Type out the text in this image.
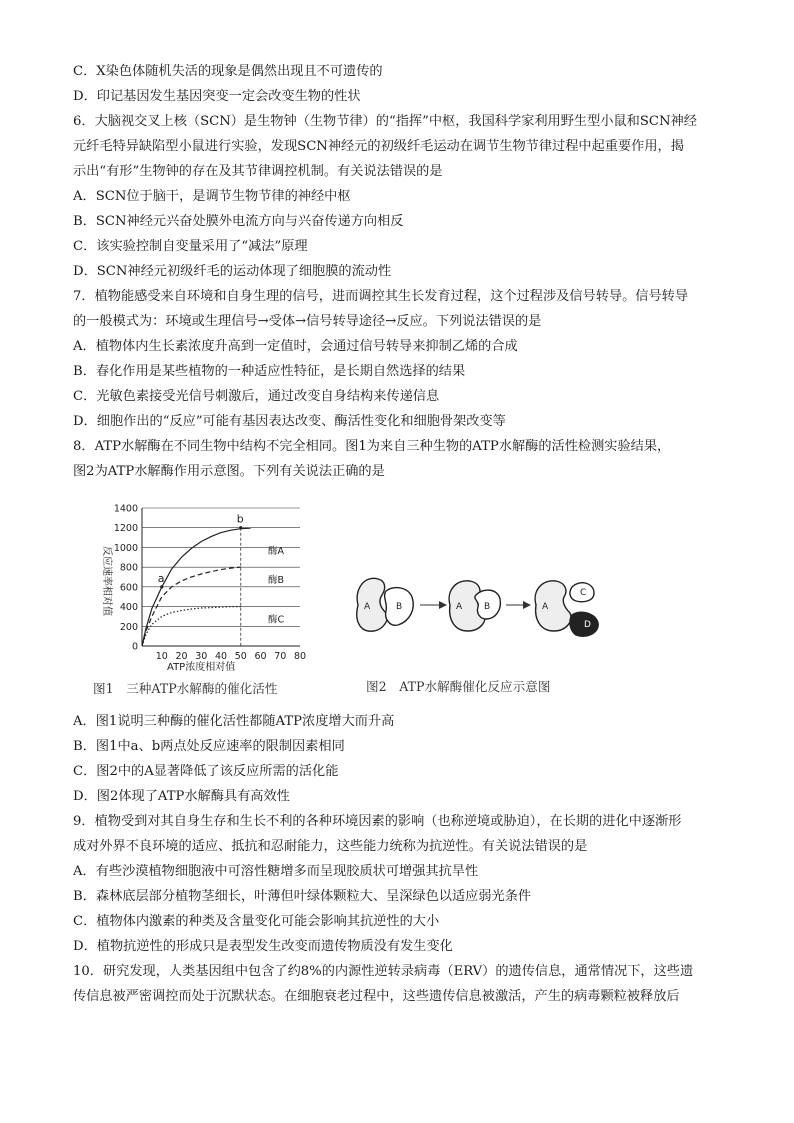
C．X染色体随机失活的现象是偶然出现且不可遗传的
D．印记基因发生基因突变一定会改变生物的性状
6．大脑视交叉上核（SCN）是生物钟（生物节律）的“指挥”中枢，我国科学家利用野生型小鼠和SCN神经
元纤毛特异缺陷型小鼠进行实验，发现SCN神经元的初级纤毛运动在调节生物节律过程中起重要作用，揭
示出“有形”生物钟的存在及其节律调控机制。有关说法错误的是
A．SCN位于脑干，是调节生物节律的神经中枢
B．SCN神经元兴奋处膜外电流方向与兴奋传递方向相反
C．该实验控制自变量采用了“减法”原理
D．SCN神经元初级纤毛的运动体现了细胞膜的流动性
7．植物能感受来自环境和自身生理的信号，进而调控其生长发育过程，这个过程涉及信号转导。信号转导
的一般模式为：环境或生理信号→受体→信号转导途径→反应。下列说法错误的是
A．植物体内生长素浓度升高到一定值时，会通过信号转导来抑制乙烯的合成
B．春化作用是某些植物的一种适应性特征，是长期自然选择的结果
C．光敏色素接受光信号刺激后，通过改变自身结构来传递信息
D．细胞作出的“反应”可能有基因表达改变、酶活性变化和细胞骨架改变等
8．ATP水解酶在不同生物中结构不完全相同。图1为来自三种生物的ATP水解酶的活性检测实验结果，
图2为ATP水解酶作用示意图。下列有关说法正确的是
A．图1说明三种酶的催化活性都随ATP浓度增大而升高
B．图1中a、b两点处反应速率的限制因素相同
C．图2中的A显著降低了该反应所需的活化能
D．图2体现了ATP水解酶具有高效性
9．植物受到对其自身生存和生长不利的各种环境因素的影响（也称逆境或胁迫），在长期的进化中逐渐形
成对外界不良环境的适应、抵抗和忍耐能力，这些能力统称为抗逆性。有关说法错误的是
A．有些沙漠植物细胞液中可溶性糖增多而呈现胶质状可增强其抗旱性
B．森林底层部分植物茎细长，叶薄但叶绿体颗粒大、呈深绿色以适应弱光条件
C．植物体内激素的种类及含量变化可能会影响其抗逆性的大小
D．植物抗逆性的形成只是表型发生改变而遗传物质没有发生变化
10．研究发现，人类基因组中包含了约8%的内源性逆转录病毒（ERV）的遗传信息，通常情况下，这些遗
传信息被严密调控而处于沉默状态。在细胞衰老过程中，这些遗传信息被激活，产生的病毒颗粒被释放后
酶A
酶B
酶C
0
200
400
600
800
1000
1200
1400
10 20 30 40 50 60 70 80
a
b
反应速率相对值
ATP浓度相对值
图1　三种ATP水解酶的催化活性
A	B	A B	A
C
D
图2　ATP水解酶催化反应示意图
